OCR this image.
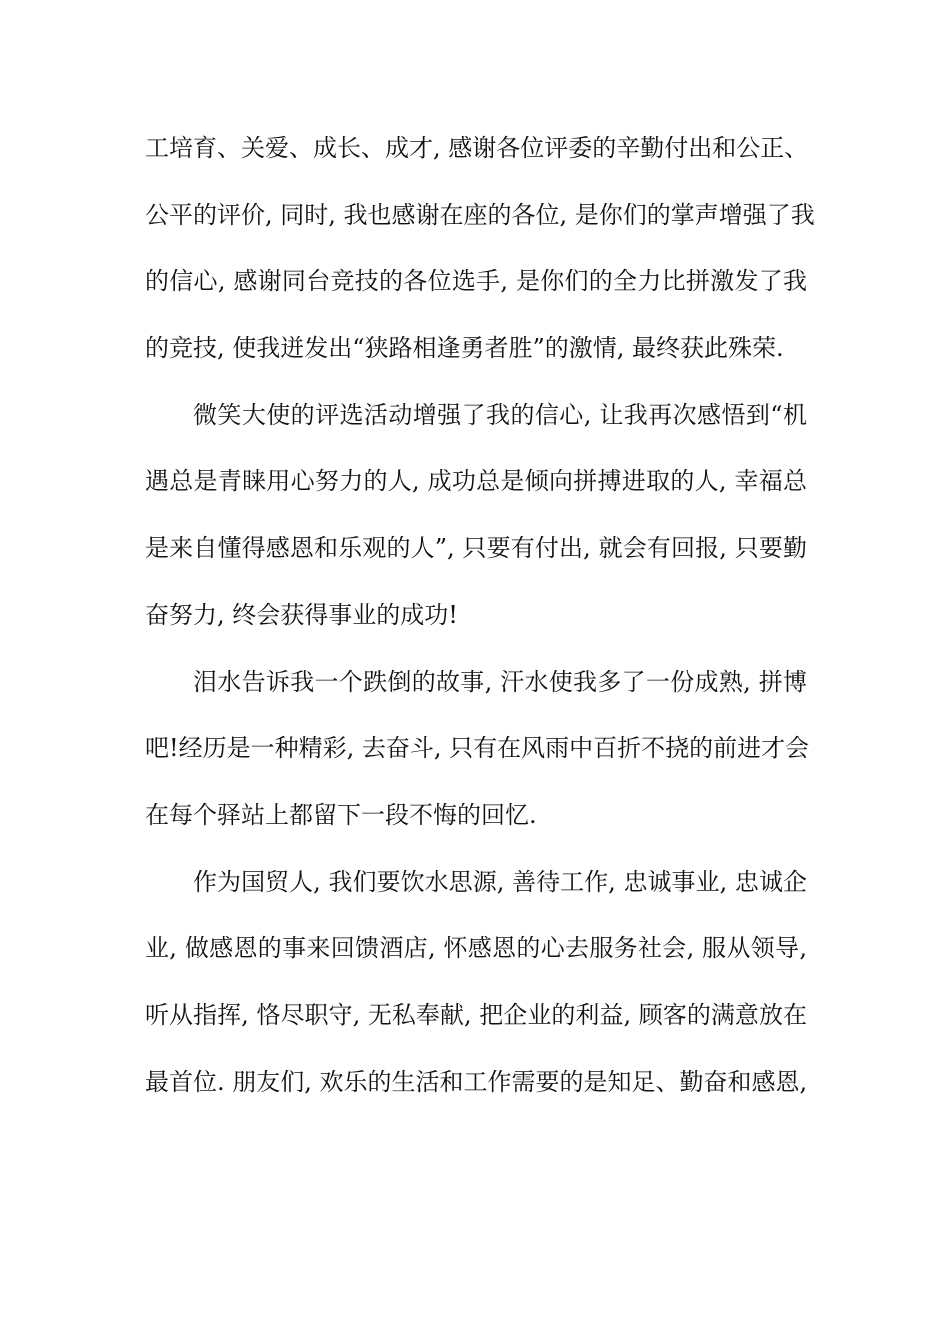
工培育、关爱、成长、成才, 感谢各位评委的辛勤付出和公正、
公平的评价, 同时, 我也感谢在座的各位, 是你们的掌声增强了我
的信心, 感谢同台竞技的各位选手, 是你们的全力比拼激发了我
的竞技, 使我迸发出“狭路相逢勇者胜”的激情, 最终获此殊荣.
微笑大使的评选活动增强了我的信心, 让我再次感悟到“机
遇总是青睐用心努力的人, 成功总是倾向拼搏进取的人, 幸福总
是来自懂得感恩和乐观的人”, 只要有付出, 就会有回报, 只要勤
奋努力, 终会获得事业的成功!
泪水告诉我一个跌倒的故事, 汗水使我多了一份成熟, 拼博
吧!经历是一种精彩, 去奋斗, 只有在风雨中百折不挠的前进才会
在每个驿站上都留下一段不悔的回忆.
作为国贸人, 我们要饮水思源, 善待工作, 忠诚事业, 忠诚企
业, 做感恩的事来回馈酒店, 怀感恩的心去服务社会, 服从领导,
听从指挥, 恪尽职守, 无私奉献, 把企业的利益, 顾客的满意放在
最首位. 朋友们, 欢乐的生活和工作需要的是知足、勤奋和感恩,
